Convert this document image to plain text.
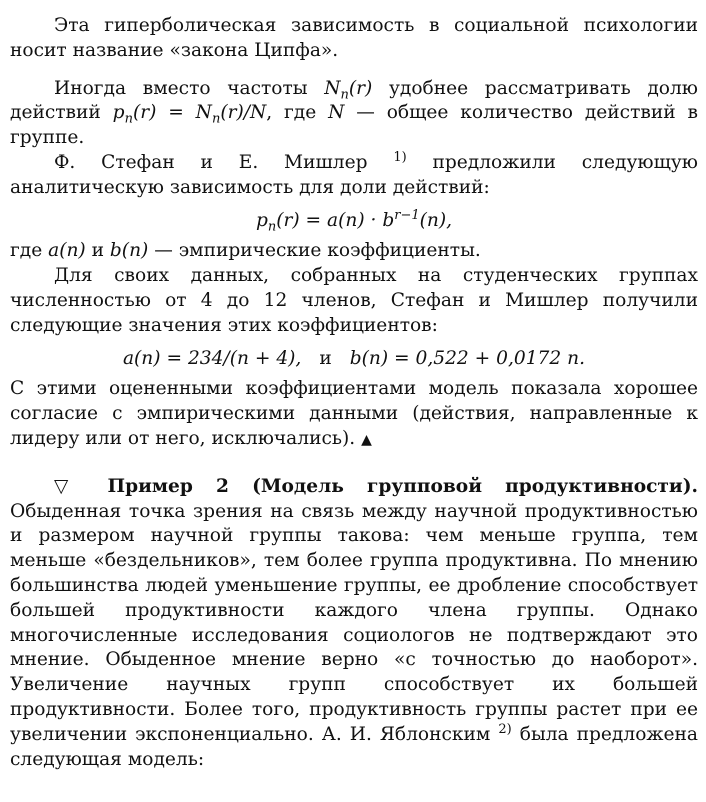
Эта гиперболическая зависимость в социальной психологии носит название «закона Ципфа».

Иногда вместо частоты $N_n(r)$ удобнее рассматривать долю действий $p_n(r) = N_n(r)/N$, где N — общее количество действий в группе.

Ф. Стефан и Е. Мишлер $^{1)}$ предложили следующую аналитическую зависимость для доли действий:

$p_n(r) = a(n) \cdot b^{r-1}(n)$,

где a(n) и b(n) — эмпирические коэффициенты.

Для своих данных, собранных на студенческих группах численностью от 4 до 12 членов, Стефан и Мишлер получили следующие значения этих коэффициентов:

a(n) = 234/(n + 4), и b(n) = 0,522 + 0,0172 n.

С этими оцененными коэффициентами модель показала хорошее согласие с эмпирическими данными (действия, направленные к лидеру или от него, исключались). ▲

▽ Пример 2 (Модель групповой продуктивности). Обыденная точка зрения на связь между научной продуктивностью и размером научной группы такова: чем меньше группа, тем меньше «бездельников», тем более группа продуктивна. По мнению большинства людей уменьшение группы, ее дробление способствует большей продуктивности каждого члена группы. Однако многочисленные исследования социологов не подтверждают это мнение. Обыденное мнение верно «с точностью до наоборот». Увеличение научных групп способствует их большей продуктивности. Более того, продуктивность группы растет при ее увеличении экспоненциально. А. И. Яблонским $^{2)}$ была предложена следующая модель:
